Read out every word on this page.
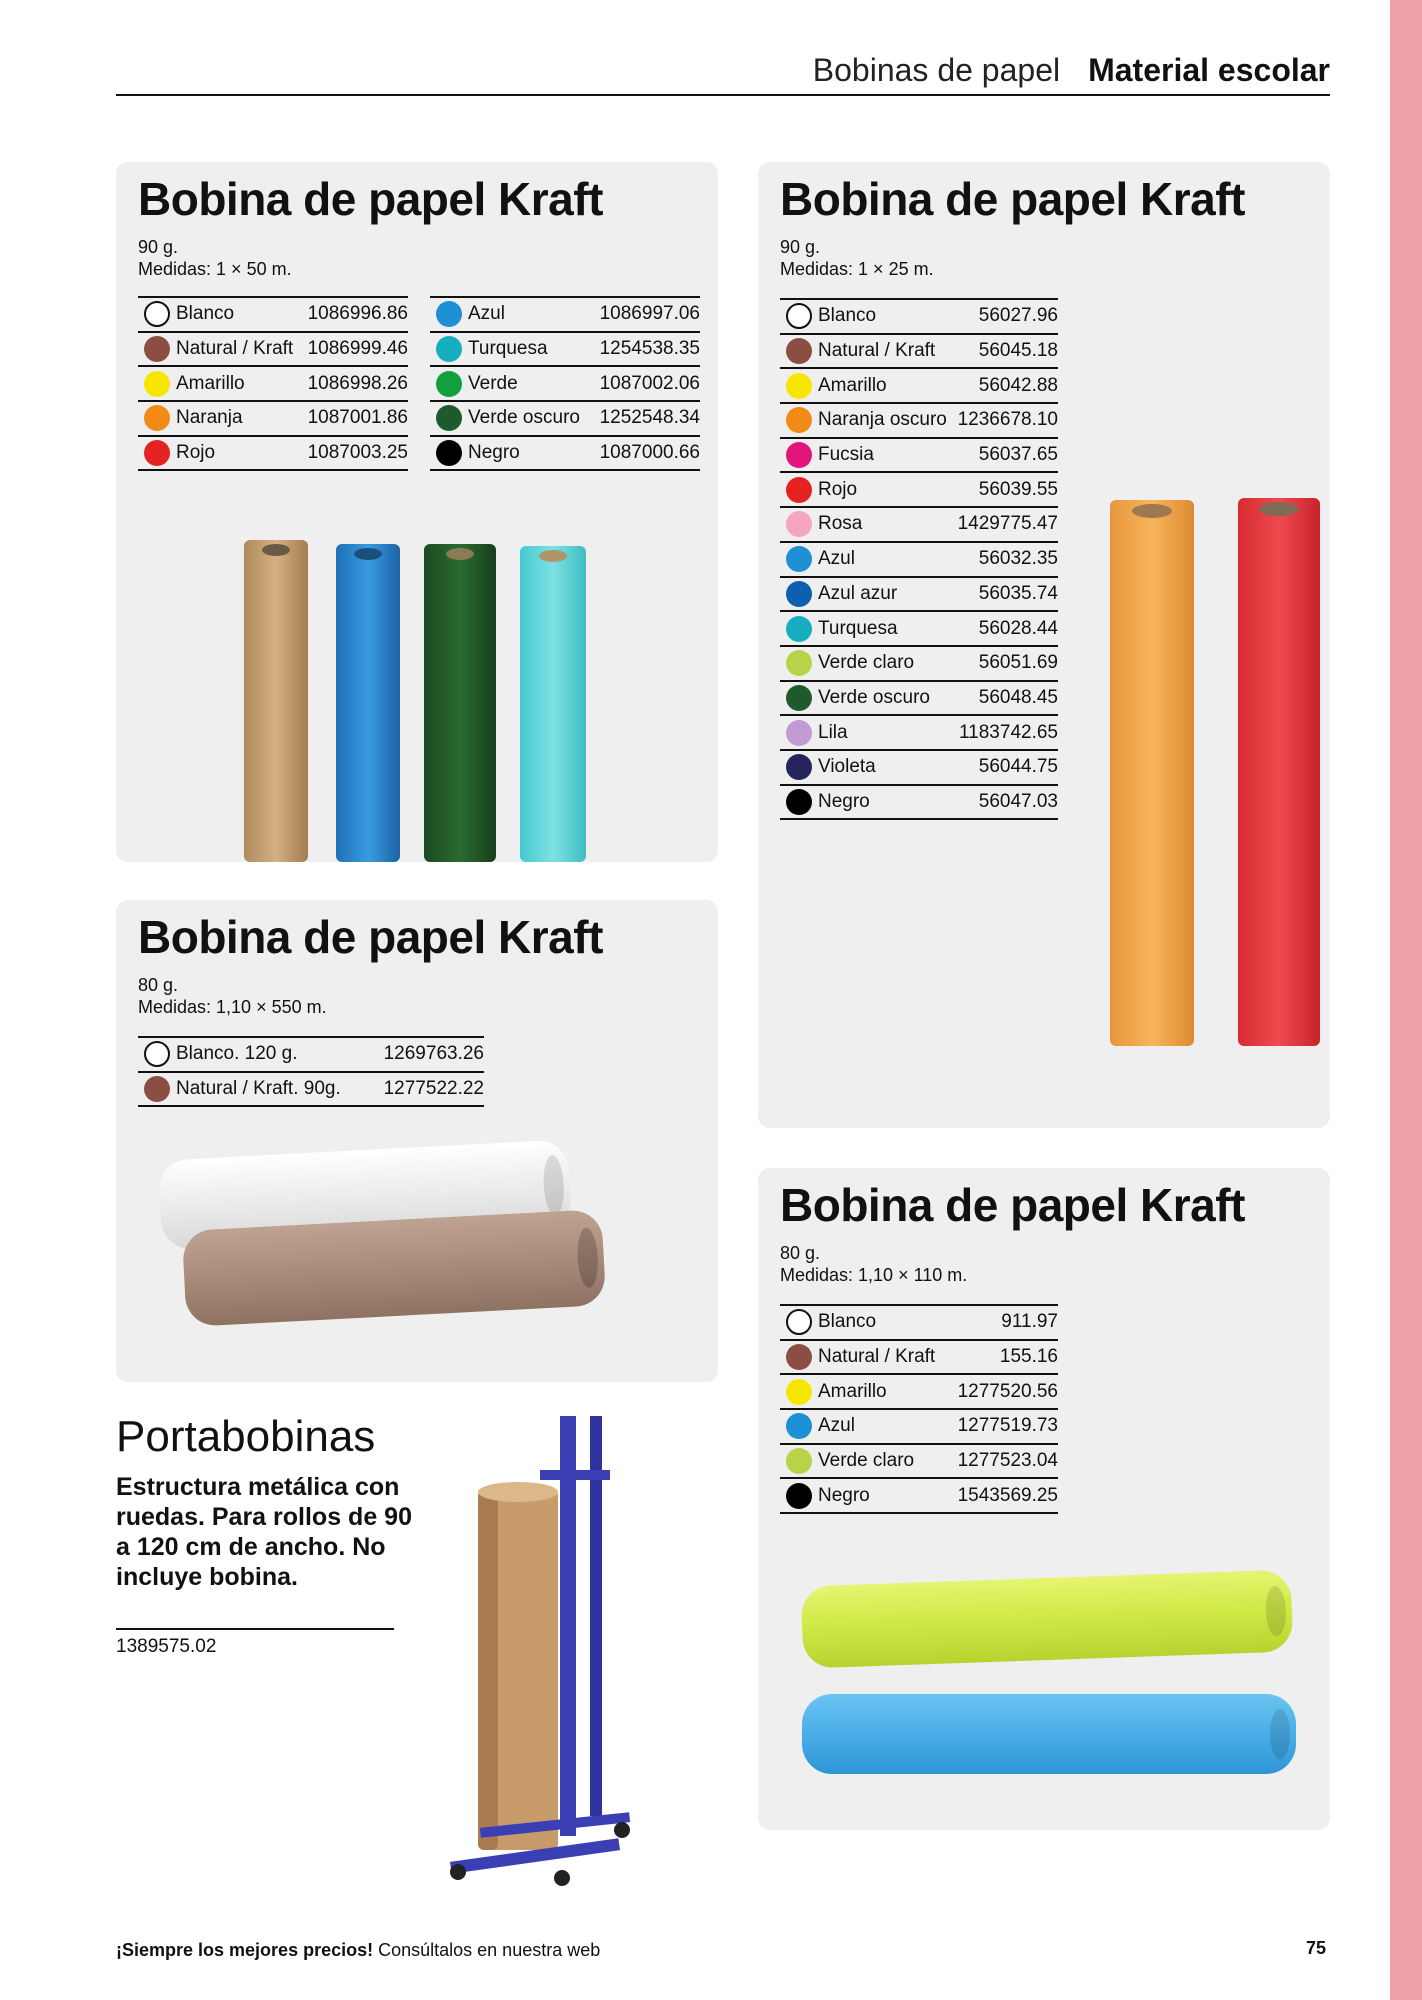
Bobinas de papel Material escolar
Bobina de papel Kraft
90 g.
Medidas: 1 × 50 m.
Blanco	1086996.86
Natural / Kraft 1086999.46
Amarillo	1086998.26
Naranja	1087001.86
Rojo	1087003.25
Azul	1086997.06
Turquesa	1254538.35
Verde	1087002.06
Verde oscuro	1252548.34
Negro	1087000.66
Bobina de papel Kraft
90 g.
Medidas: 1 × 25 m.
Blanco	56027.96
Natural / Kraft	56045.18
Amarillo	56042.88
Naranja oscuro 1236678.10
Fucsia	56037.65
Rojo	56039.55
Rosa	1429775.47
Azul	56032.35
Azul azur	56035.74
Turquesa	56028.44
Verde claro	56051.69
Verde oscuro	56048.45
Lila	1183742.65
Violeta	56044.75
Negro	56047.03
Bobina de papel Kraft
80 g.
Medidas: 1,10 × 550 m.
Blanco. 120 g.	1269763.26
Natural / Kraft. 90g.	1277522.22
Bobina de papel Kraft
80 g.
Medidas: 1,10 × 110 m.
Blanco	911.97
Natural / Kraft	155.16
Amarillo	1277520.56
Azul	1277519.73
Verde claro	1277523.04
Negro	1543569.25
Portabobinas
Estructura metálica con ruedas. Para rollos de 90 a 120 cm de ancho. No incluye bobina.
1389575.02
¡Siempre los mejores precios! Consúltalos en nuestra web	75
